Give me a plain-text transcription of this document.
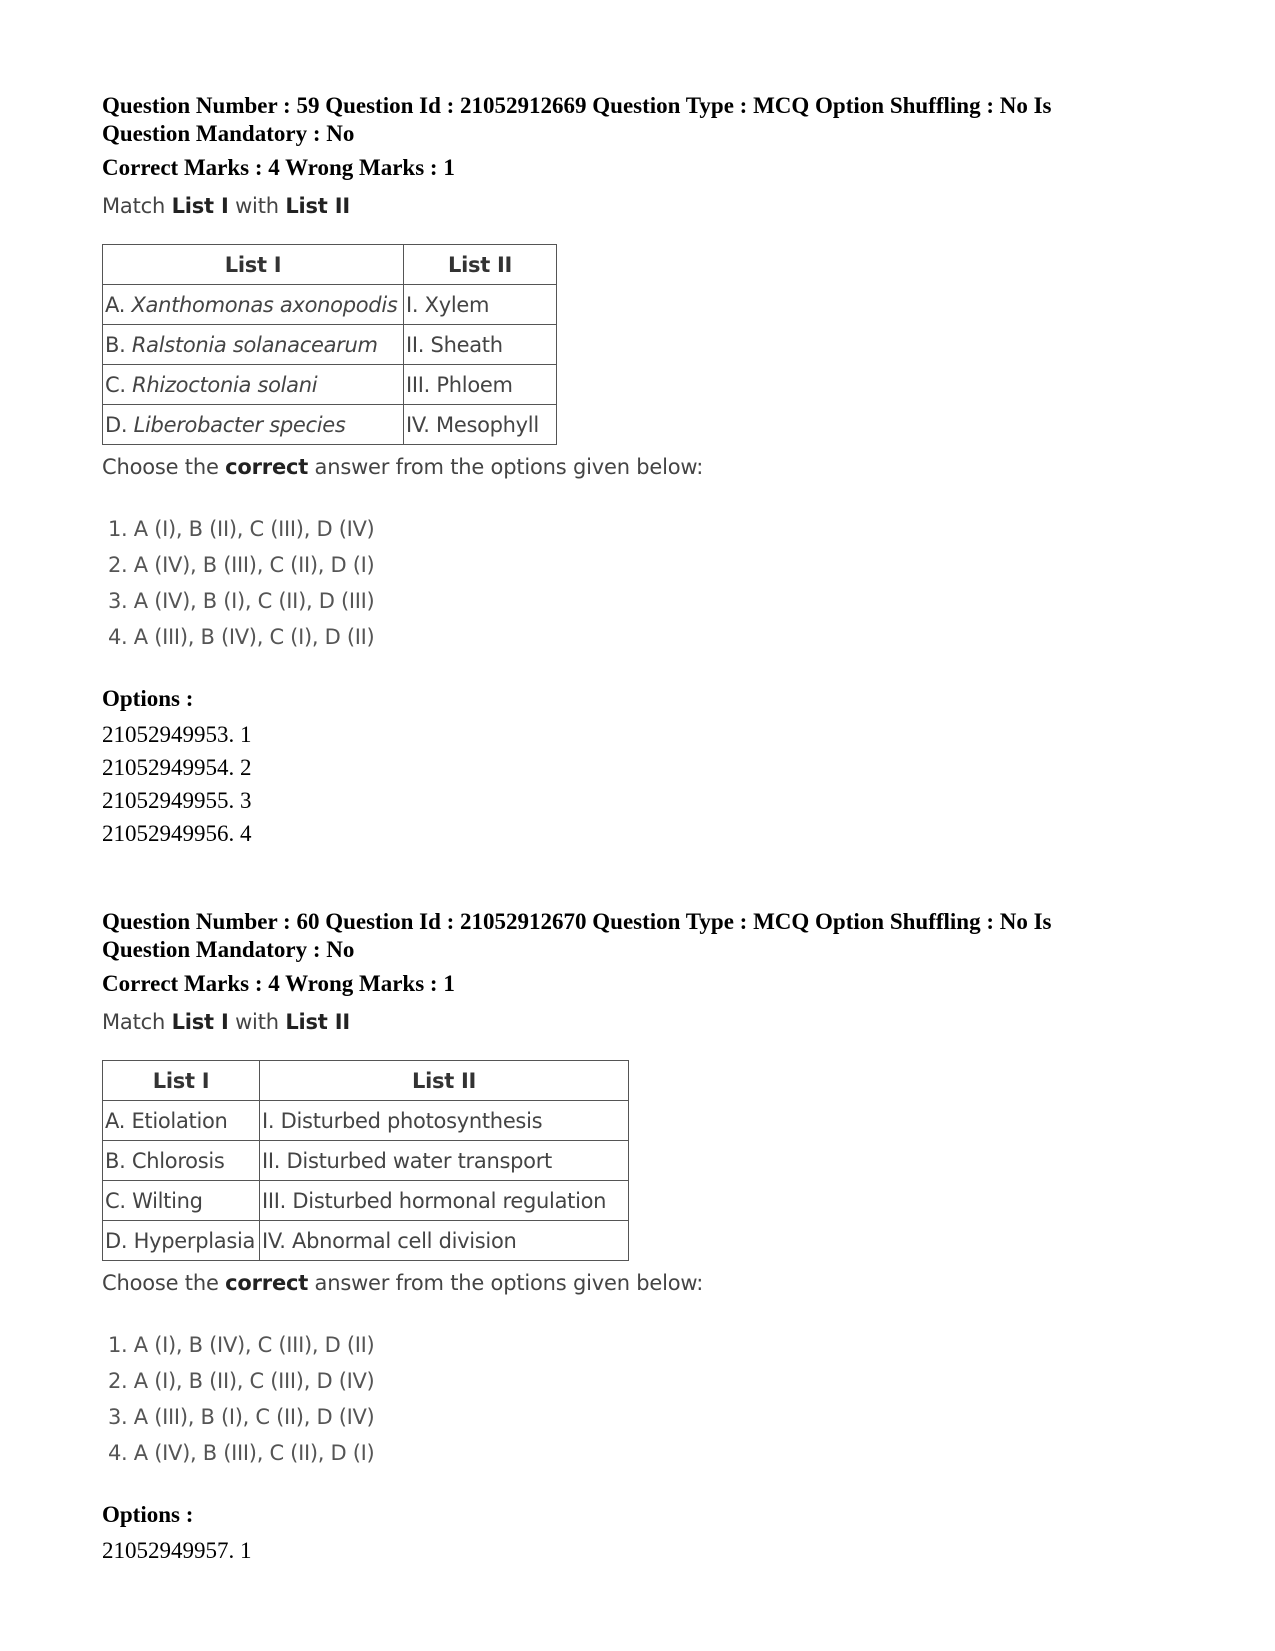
Question Number : 59 Question Id : 21052912669 Question Type : MCQ Option Shuffling : No Is
Question Mandatory : No
Correct Marks : 4 Wrong Marks : 1
Match List I with List II
List I	List II
A. Xanthomonas axonopodis	I. Xylem
B. Ralstonia solanacearum	II. Sheath
C. Rhizoctonia solani	III. Phloem
D. Liberobacter species	IV. Mesophyll
Choose the correct answer from the options given below:
1. A (I), B (II), C (III), D (IV)
2. A (IV), B (III), C (II), D (I)
3. A (IV), B (I), C (II), D (III)
4. A (III), B (IV), C (I), D (II)
Options :
21052949953. 1
21052949954. 2
21052949955. 3
21052949956. 4
Question Number : 60 Question Id : 21052912670 Question Type : MCQ Option Shuffling : No Is
Question Mandatory : No
Correct Marks : 4 Wrong Marks : 1
Match List I with List II
List I	List II
A. Etiolation	I. Disturbed photosynthesis
B. Chlorosis	II. Disturbed water transport
C. Wilting	III. Disturbed hormonal regulation
D. Hyperplasia	IV. Abnormal cell division
Choose the correct answer from the options given below:
1. A (I), B (IV), C (III), D (II)
2. A (I), B (II), C (III), D (IV)
3. A (III), B (I), C (II), D (IV)
4. A (IV), B (III), C (II), D (I)
Options :
21052949957. 1
